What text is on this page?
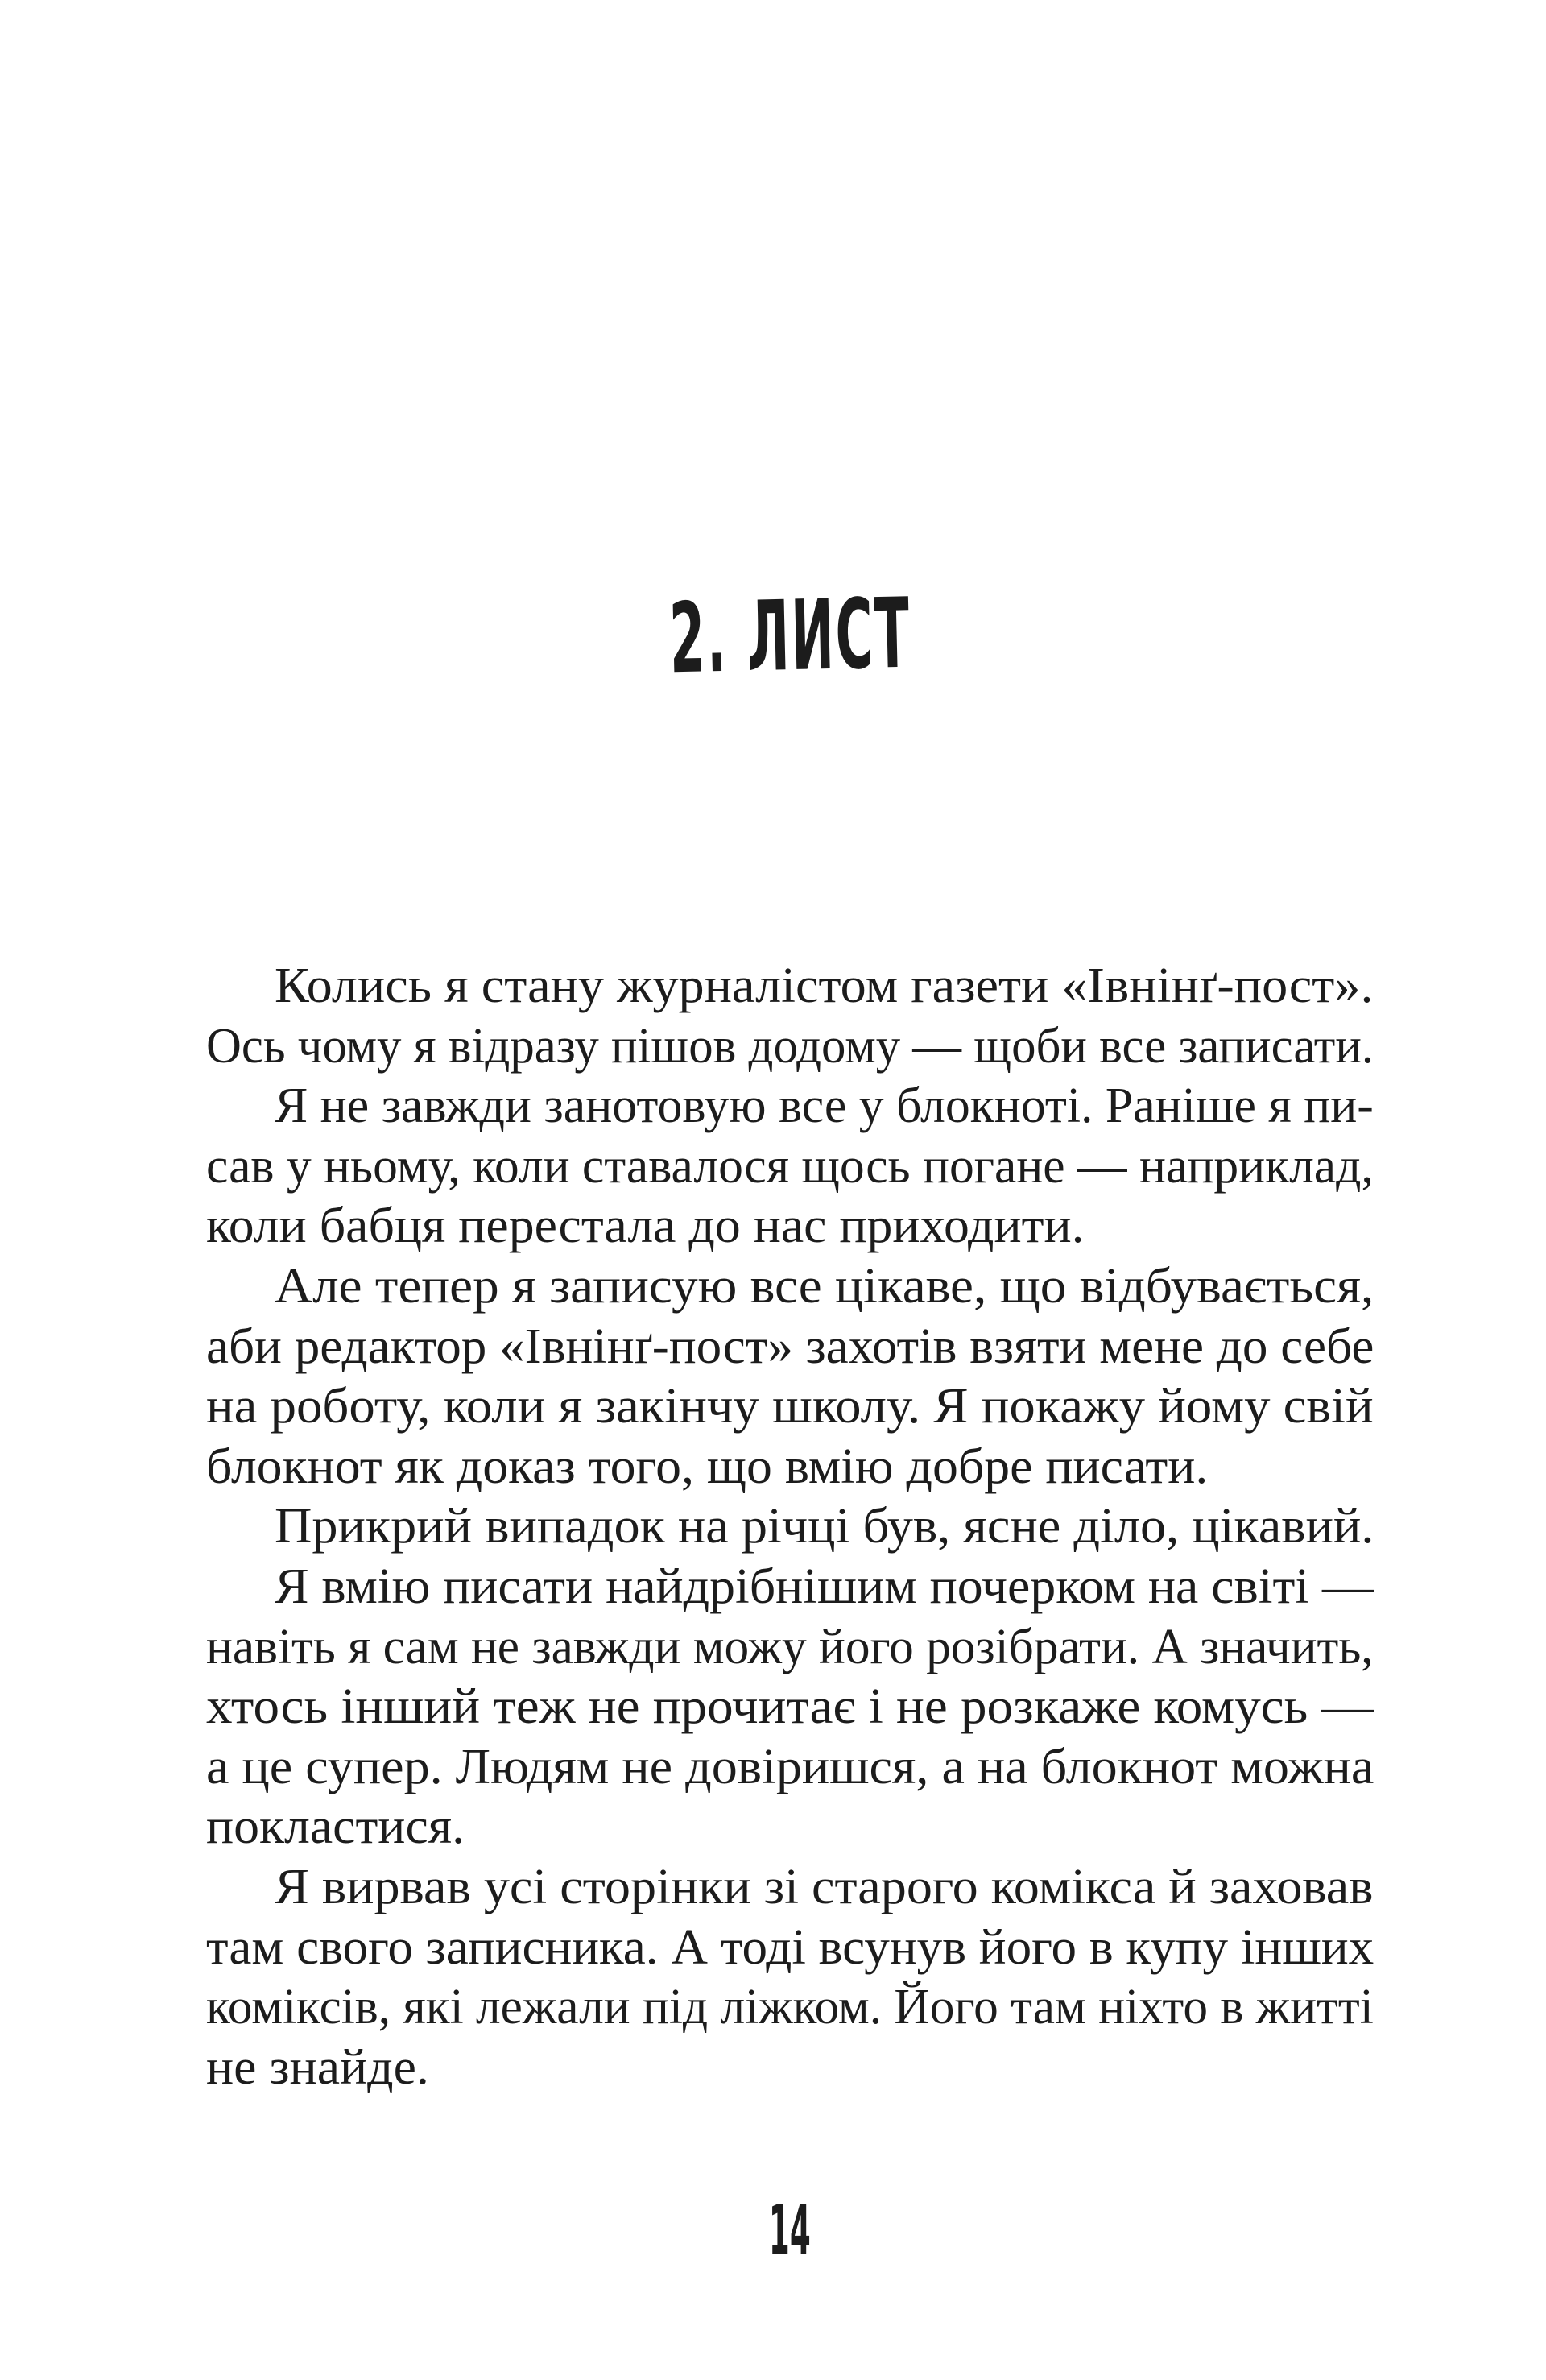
2. ЛИСТ
Колись я стану журналістом газети «Івнінґ-пост».
Ось чому я відразу пішов додому — щоби все записати.
Я не завжди занотовую все у блокноті. Раніше я пи-
сав у ньому, коли ставалося щось погане — наприклад,
коли бабця перестала до нас приходити.
Але тепер я записую все цікаве, що відбувається,
аби редактор «Івнінґ-пост» захотів взяти мене до себе
на роботу, коли я закінчу школу. Я покажу йому свій
блокнот як доказ того, що вмію добре писати.
Прикрий випадок на річці був, ясне діло, цікавий.
Я вмію писати найдрібнішим почерком на світі —
навіть я сам не завжди можу його розібрати. А значить,
хтось інший теж не прочитає і не розкаже комусь —
а це супер. Людям не довіришся, а на блокнот можна
покластися.
Я вирвав усі сторінки зі старого комікса й заховав
там свого записника. А тоді всунув його в купу інших
коміксів, які лежали під ліжком. Його там ніхто в житті
не знайде.
14
